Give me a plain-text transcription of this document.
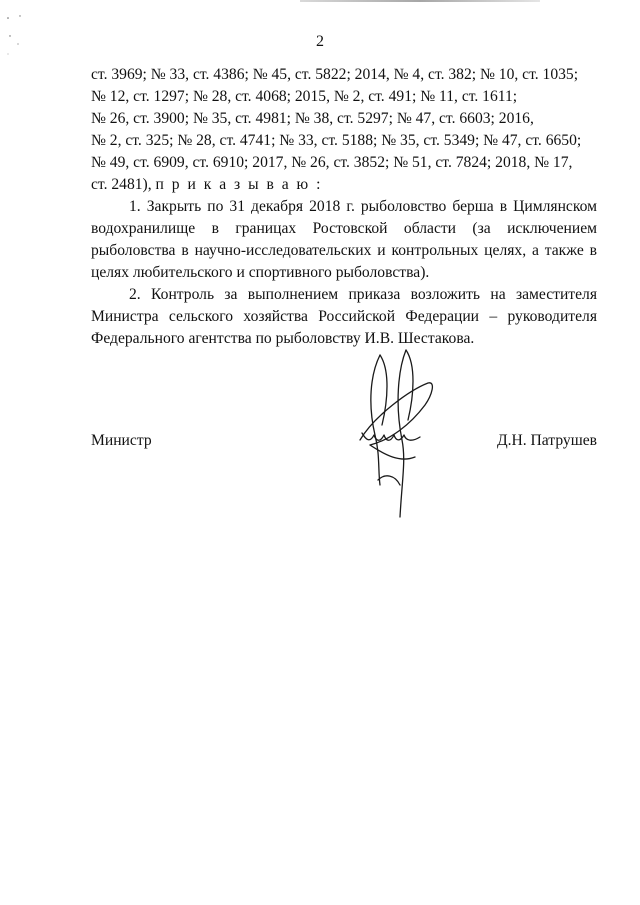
2

ст. 3969; № 33, ст. 4386; № 45, ст. 5822; 2014, № 4, ст. 382; № 10, ст. 1035;

№ 12, ст. 1297; № 28, ст. 4068; 2015, № 2, ст. 491; № 11, ст. 1611;

№ 26, ст. 3900; № 35, ст. 4981; № 38, ст. 5297; № 47, ст. 6603; 2016,

№ 2, ст. 325; № 28, ст. 4741; № 33, ст. 5188; № 35, ст. 5349; № 47, ст. 6650;

№ 49, ст. 6909, ст. 6910; 2017, № 26, ст. 3852; № 51, ст. 7824; 2018, № 17,

ст. 2481), п р и к а з ы в а ю :

1. Закрыть по 31 декабря 2018 г. рыболовство берша в Цимлянском водохранилище в границах Ростовской области (за исключением рыболовства в научно-исследовательских и контрольных целях, а также в целях любительского и спортивного рыболовства).

2. Контроль за выполнением приказа возложить на заместителя Министра сельского хозяйства Российской Федерации – руководителя Федерального агентства по рыболовству И.В. Шестакова.

Министр	Д.Н. Патрушев
